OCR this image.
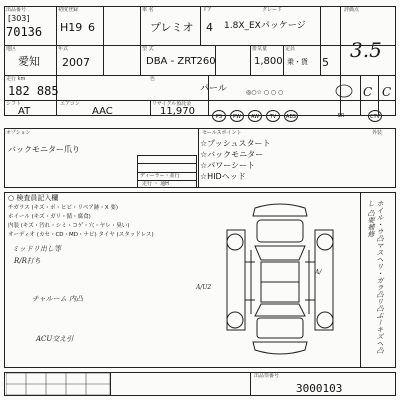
出品番号
[303]
70136
初度登録
H19 6
車 名
プレミオ
ドア
4
グレード
1.8X_EXパッケージ
評価点
地区
愛知
年式
2007
型 式
DBA - ZRT260
排気量
1,800
定員
乗・貨 5
3.5
走行 km
182 885
色
パール	◎○☆ ○ ○ ○	C C
シフト
AT
エアコン
AAC
リサイクル預託金
11,970	PS	PW	AW	TV	ABS	SR	CTV
オプション
バックモニター爪り
ディーラー・並行
走行 ・ 通H
セールスポイント
☆プッシュスタート
☆バックモニター
☆パワーシート
☆HIDヘッド
外装
○ 検査員記入欄
チガラス (キズ・ポ・ヒビ・リペア跡・X 要)
ホイール (キズ・ガリ・錆・腐食)
内装 (キズ・汚れ・シミ・コゲ・穴・ヤレ・臭い)
オーディオ (カセ・CD・MD・ナビ) タイヤ (スタッドレス)
ミッドリ出し等
R/R打ち
チャルーム 内凸
ACU交え引
A/U2
A/	ホイル・ウ凸マスヘリ・ガラ凸リ凸ぶーキズヘ凸し 凸要補修
出品票番号
3000103
